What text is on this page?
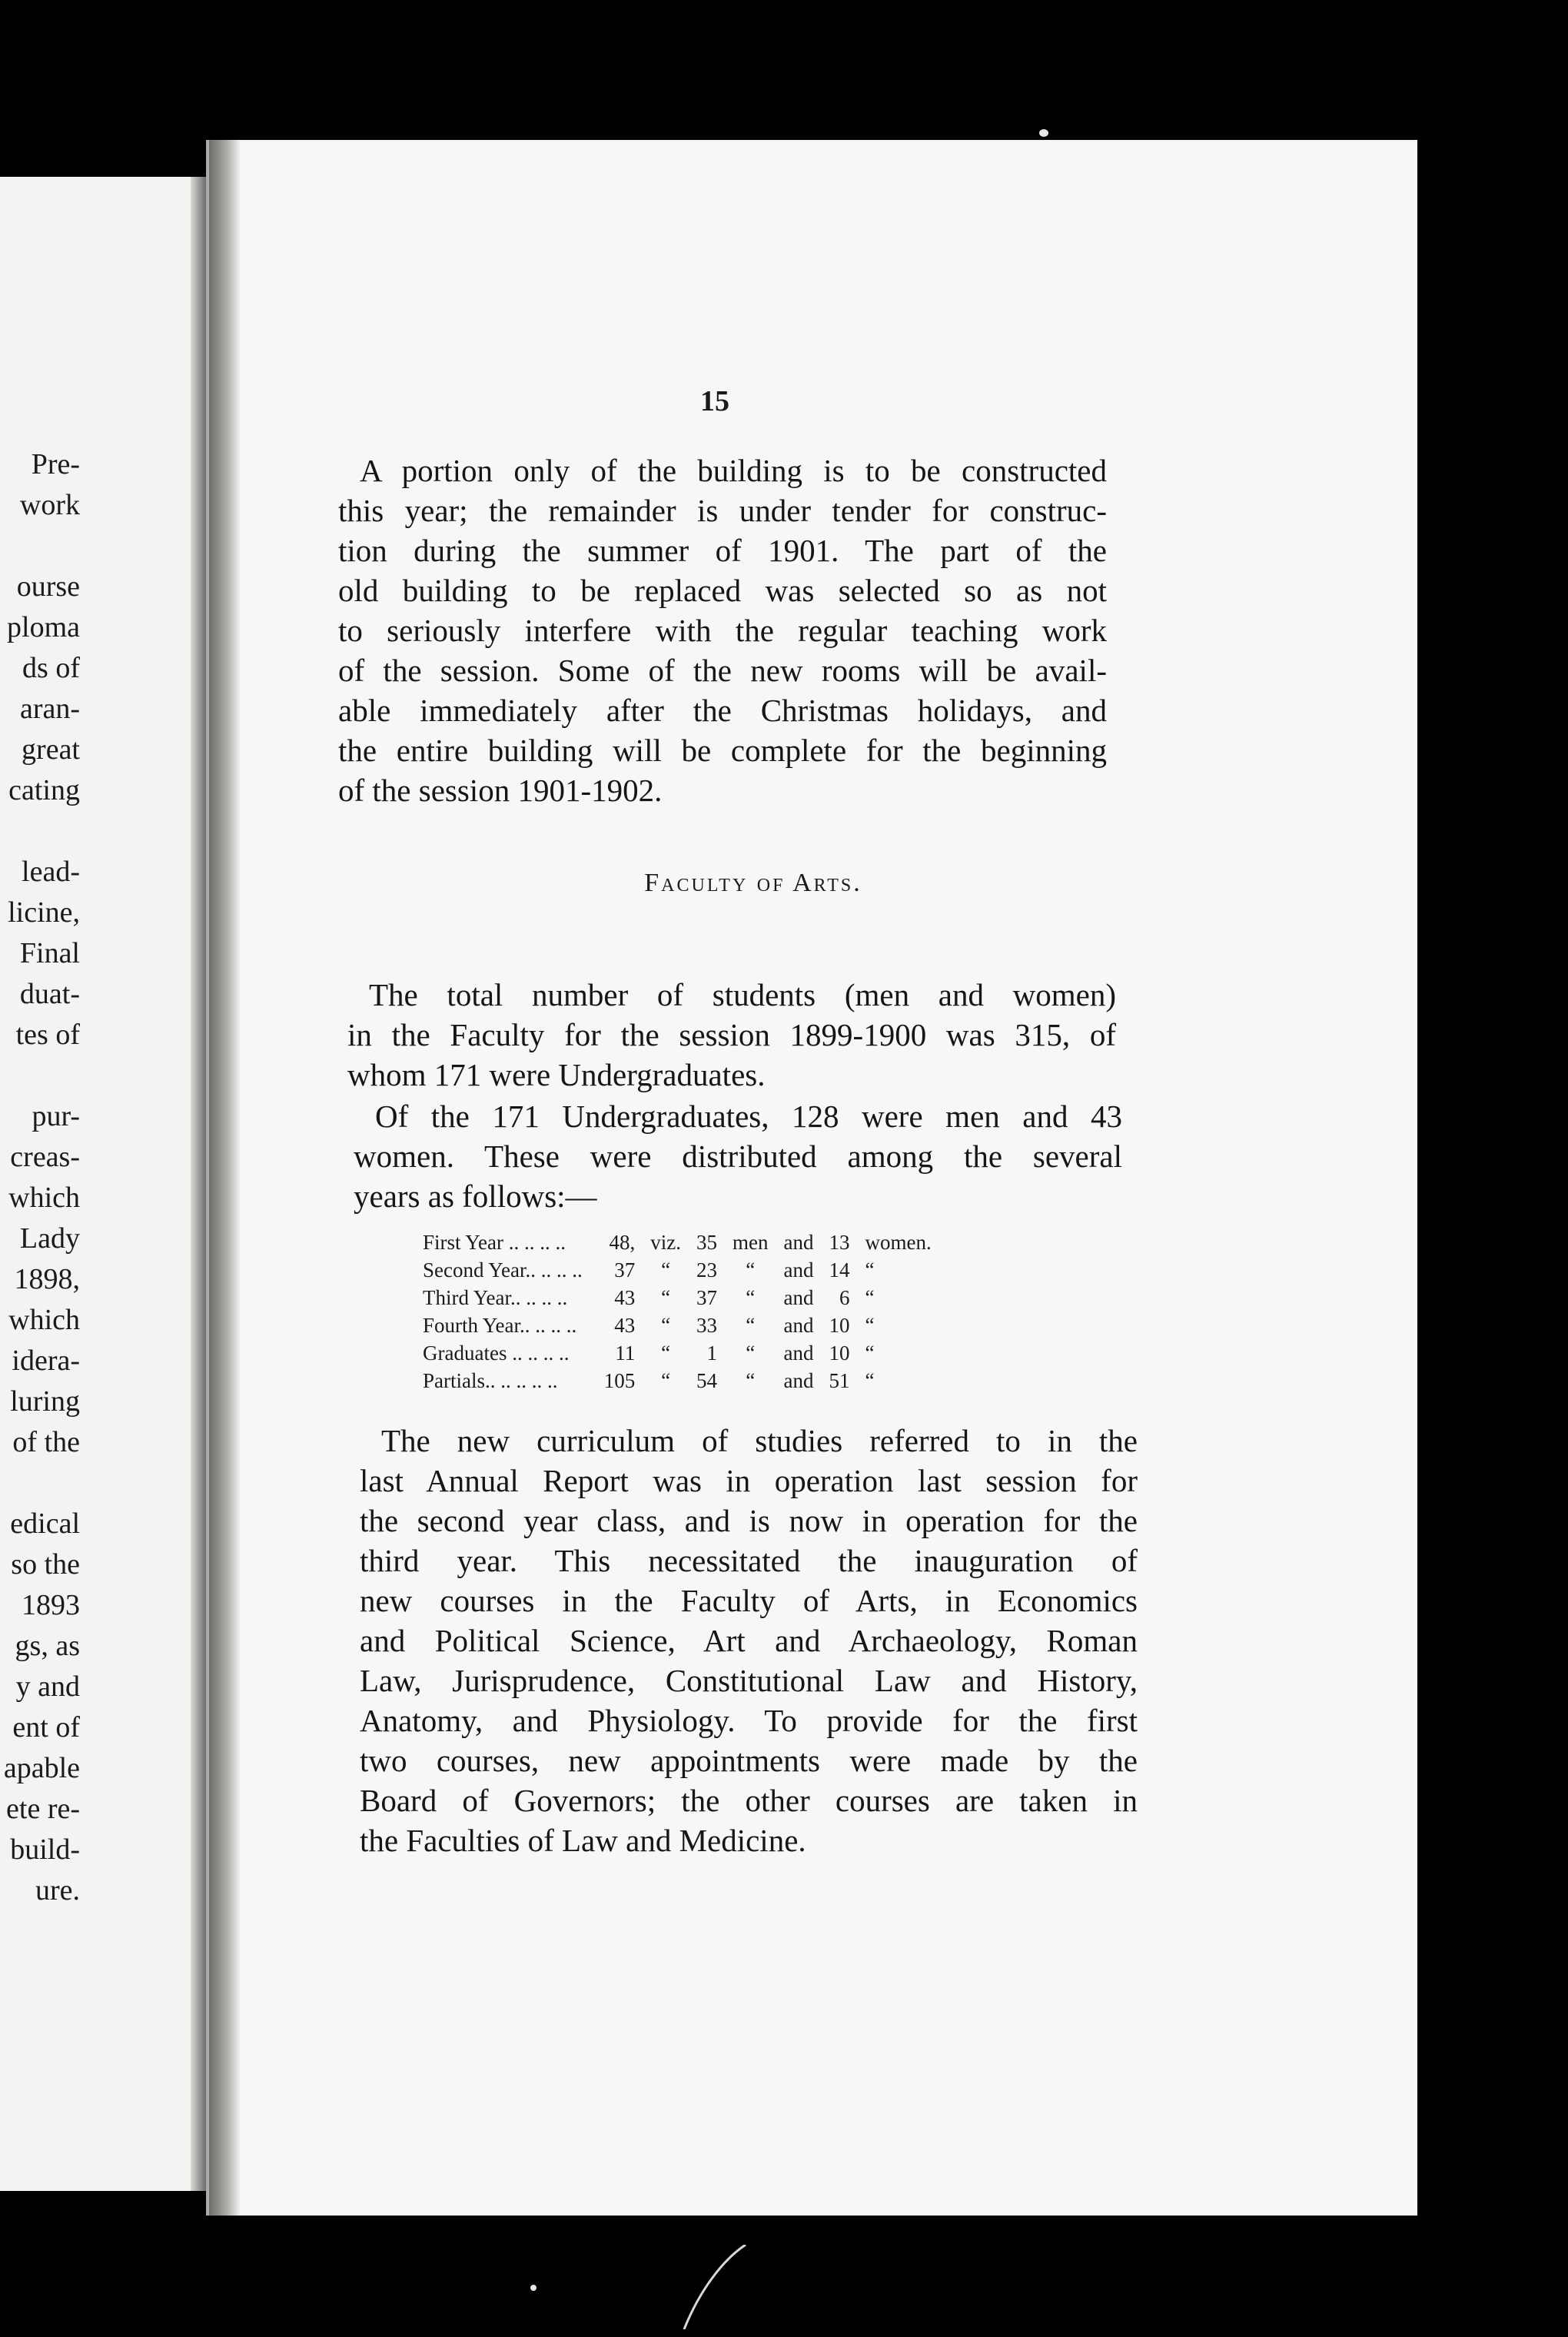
15

Pre-

work

ourse

ploma

ds of

aran-

great

cating

lead-

licine,

Final

duat-

tes of

pur-

creas-

which

Lady

1898,

which

idera-

luring

of the

edical

so the

1893

gs, as

y and

ent of

apable

ete re-

build-

ure.

A portion only of the building is to be constructed
this year; the remainder is under tender for construc-
tion during the summer of 1901. The part of the
old building to be replaced was selected so as not
to seriously interfere with the regular teaching work
of the session. Some of the new rooms will be avail-
able immediately after the Christmas holidays, and
the entire building will be complete for the beginning
of the session 1901-1902.

Faculty of Arts.

The total number of students (men and women)
in the Faculty for the session 1899-1900 was 315, of
whom 171 were Undergraduates.
Of the 171 Undergraduates, 128 were men and 43
women. These were distributed among the several
years as follows:—
First Year .. .. .. ..	48,	viz.	35	men	and	13	women.
Second Year.. .. .. ..	37	“	23	“	and	14	“
Third Year.. .. .. ..	43	“	37	“	and	6	“
Fourth Year.. .. .. ..	43	“	33	“	and	10	“
Graduates .. .. .. ..	11	“	1	“	and	10	“
Partials.. .. .. .. ..	105	“	54	“	and	51	“
The new curriculum of studies referred to in the
last Annual Report was in operation last session for
the second year class, and is now in operation for the
third year. This necessitated the inauguration of
new courses in the Faculty of Arts, in Economics
and Political Science, Art and Archaeology, Roman
Law, Jurisprudence, Constitutional Law and History,
Anatomy, and Physiology. To provide for the first
two courses, new appointments were made by the
Board of Governors; the other courses are taken in
the Faculties of Law and Medicine.
